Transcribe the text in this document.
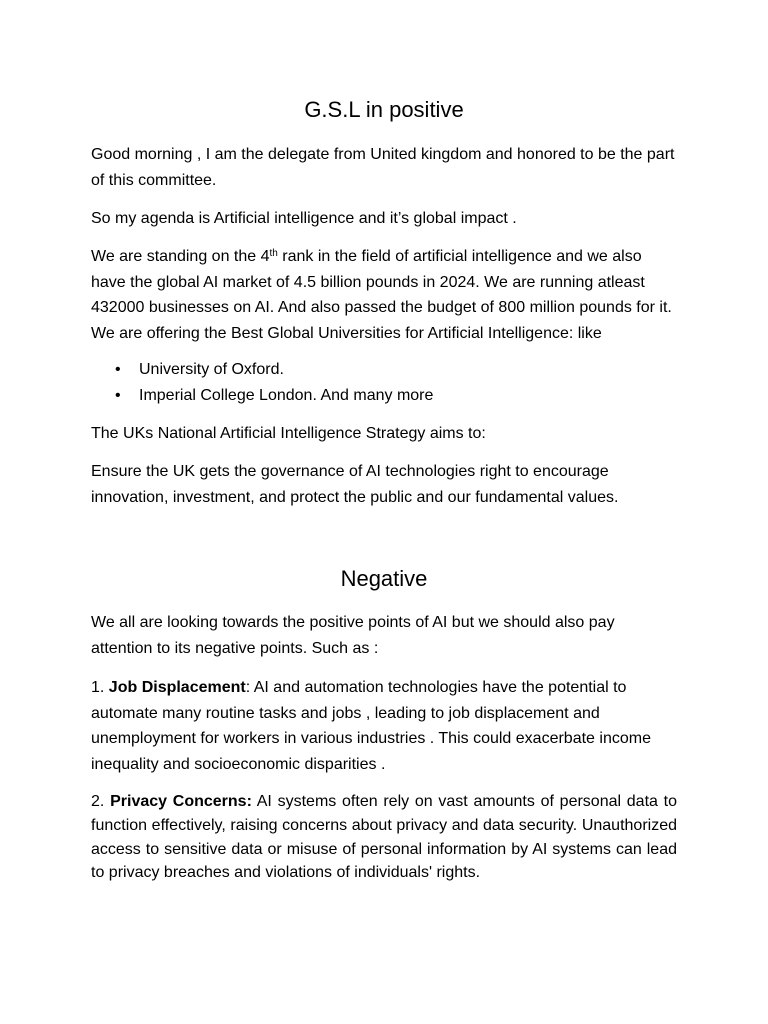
G.S.L in positive

Good morning , I am the delegate from United kingdom and honored to be the part of this committee.

So my agenda is Artificial intelligence and it’s global impact .

We are standing on the 4th rank in the field of artificial intelligence and we also have the global AI market of 4.5 billion pounds in 2024. We are running atleast 432000 businesses on AI. And also passed the budget of 800 million pounds for it. We are offering the Best Global Universities for Artificial Intelligence: like

• University of Oxford.
• Imperial College London. And many more

The UKs National Artificial Intelligence Strategy aims to:

Ensure the UK gets the governance of AI technologies right to encourage innovation, investment, and protect the public and our fundamental values.

Negative

We all are looking towards the positive points of AI but we should also pay attention to its negative points. Such as :

1. Job Displacement: AI and automation technologies have the potential to automate many routine tasks and jobs , leading to job displacement and unemployment for workers in various industries . This could exacerbate income inequality and socioeconomic disparities .

2. Privacy Concerns: AI systems often rely on vast amounts of personal data to function effectively, raising concerns about privacy and data security. Unauthorized access to sensitive data or misuse of personal information by AI systems can lead to privacy breaches and violations of individuals' rights.
